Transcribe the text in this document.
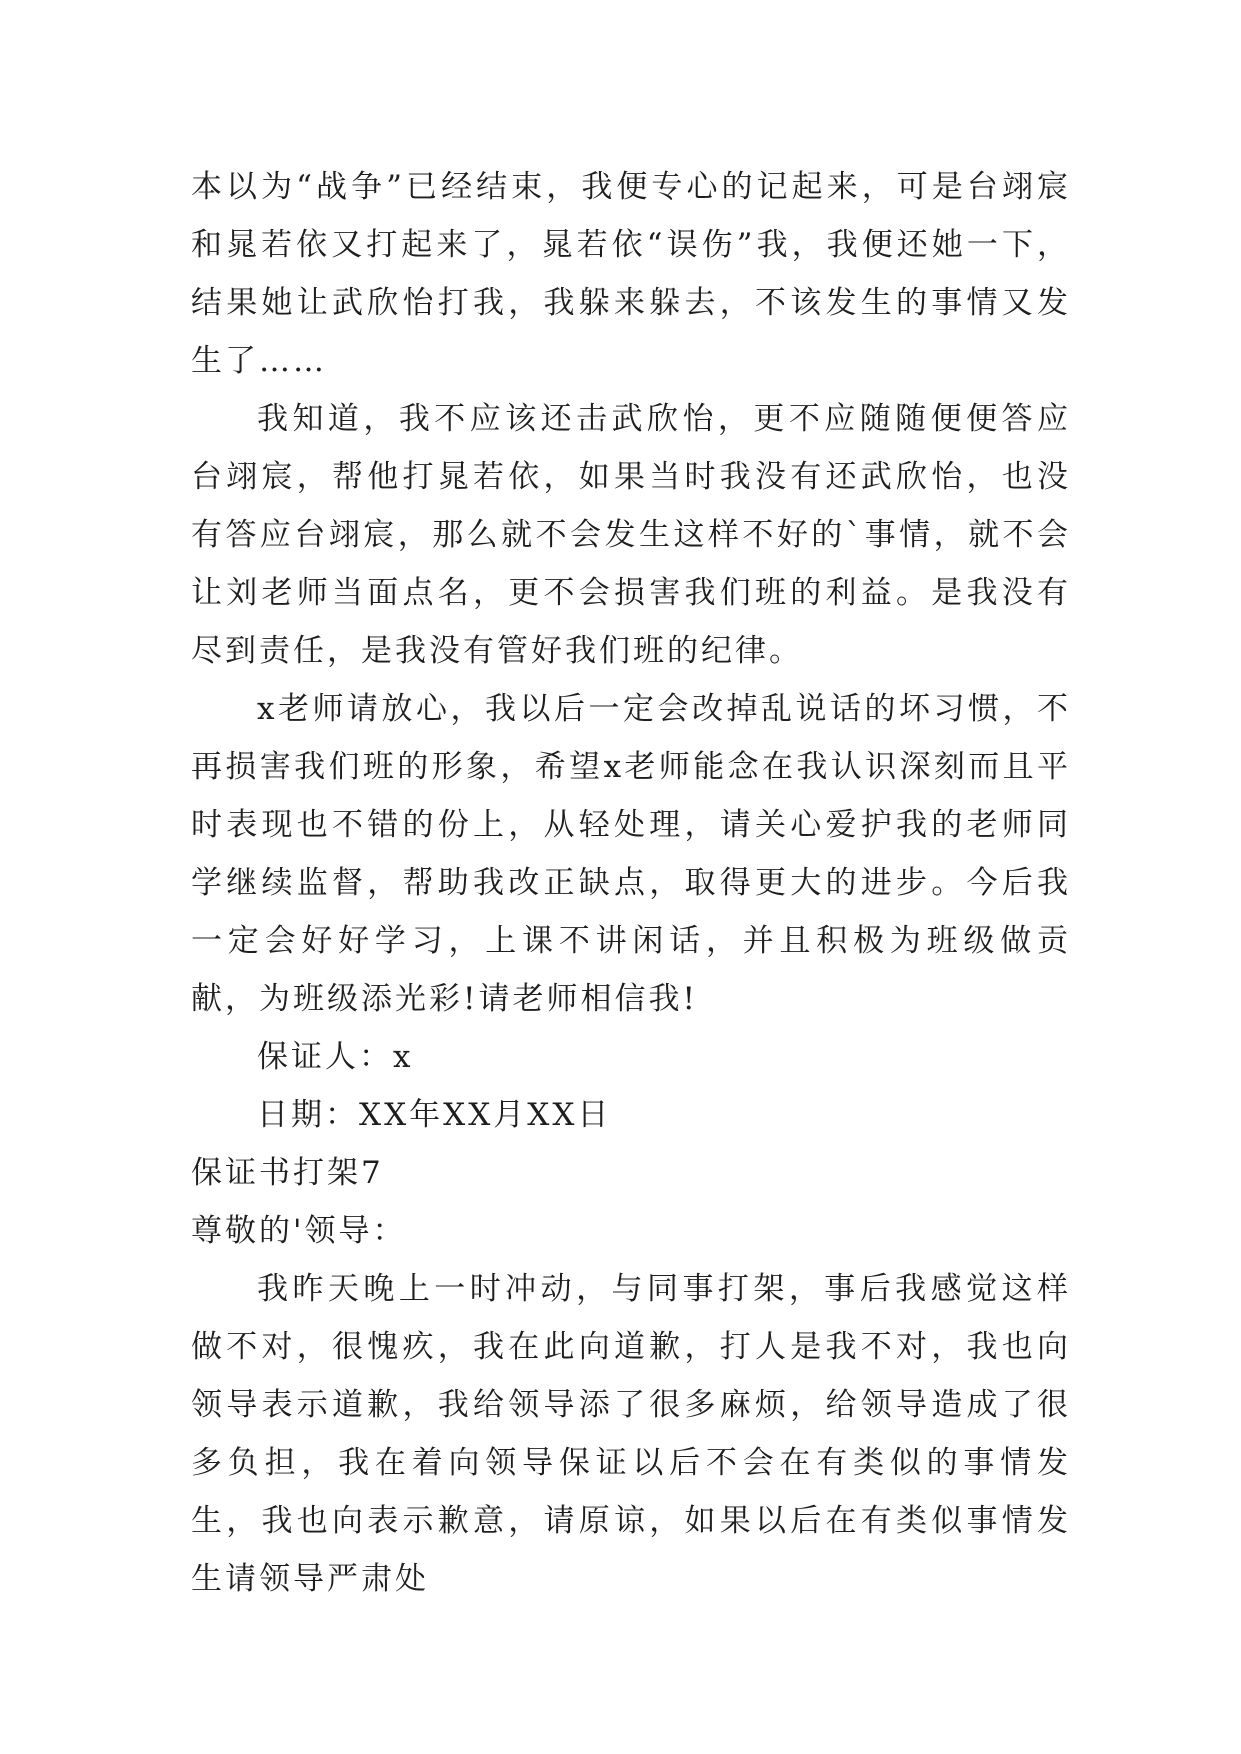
本以为“战争”已经结束，我便专心的记起来，可是台翊宸和晁若依又打起来了，晁若依“误伤”我，我便还她一下，结果她让武欣怡打我，我躲来躲去，不该发生的事情又发生了……

我知道，我不应该还击武欣怡，更不应随随便便答应台翊宸，帮他打晁若依，如果当时我没有还武欣怡，也没有答应台翊宸，那么就不会发生这样不好的`事情，就不会让刘老师当面点名，更不会损害我们班的利益。是我没有尽到责任，是我没有管好我们班的纪律。

x老师请放心，我以后一定会改掉乱说话的坏习惯，不再损害我们班的形象，希望x老师能念在我认识深刻而且平时表现也不错的份上，从轻处理，请关心爱护我的老师同学继续监督，帮助我改正缺点，取得更大的进步。今后我一定会好好学习，上课不讲闲话，并且积极为班级做贡献，为班级添光彩!请老师相信我!

保证人：x

日期：XX年XX月XX日

保证书打架7

尊敬的'领导：

我昨天晚上一时冲动，与同事打架，事后我感觉这样做不对，很愧疚，我在此向道歉，打人是我不对，我也向领导表示道歉，我给领导添了很多麻烦，给领导造成了很多负担，我在着向领导保证以后不会在有类似的事情发生，我也向表示歉意，请原谅，如果以后在有类似事情发生请领导严肃处
